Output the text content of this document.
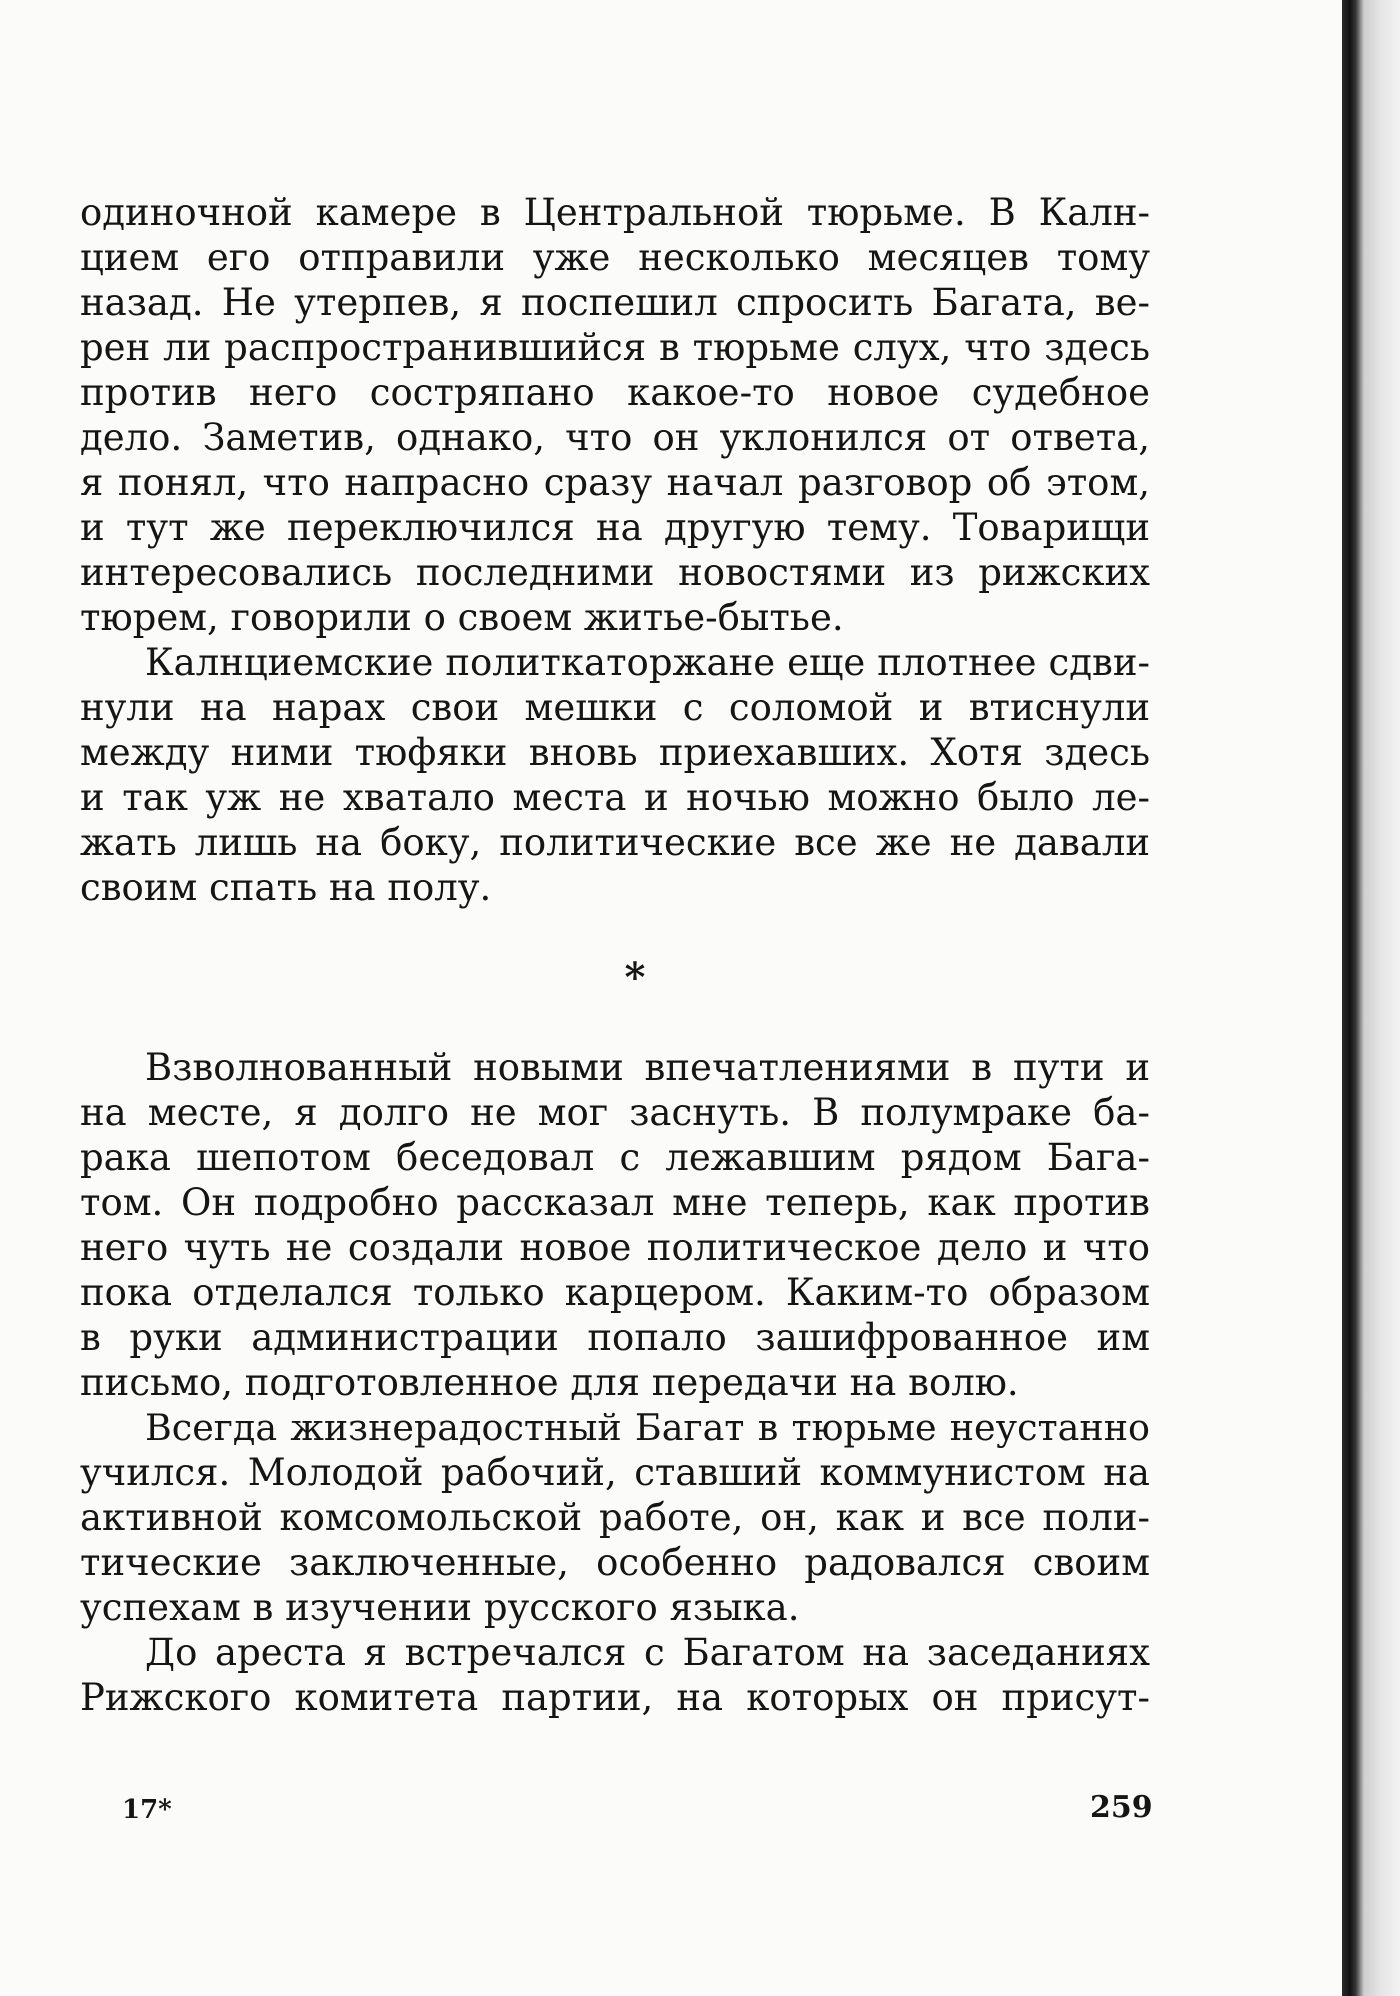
одиночной камере в Центральной тюрьме. В Калн-
цием его отправили уже несколько месяцев тому
назад. Не утерпев, я поспешил спросить Багата, ве-
рен ли распространившийся в тюрьме слух, что здесь
против него состряпано какое-то новое судебное
дело. Заметив, однако, что он уклонился от ответа,
я понял, что напрасно сразу начал разговор об этом,
и тут же переключился на другую тему. Товарищи
интересовались последними новостями из рижских
тюрем, говорили о своем житье-бытье.
Калнциемские политкаторжане еще плотнее сдви-
нули на нарах свои мешки с соломой и втиснули
между ними тюфяки вновь приехавших. Хотя здесь
и так уж не хватало места и ночью можно было ле-
жать лишь на боку, политические все же не давали
своим спать на полу.
*
Взволнованный новыми впечатлениями в пути и
на месте, я долго не мог заснуть. В полумраке ба-
рака шепотом беседовал с лежавшим рядом Бага-
том. Он подробно рассказал мне теперь, как против
него чуть не создали новое политическое дело и что
пока отделался только карцером. Каким-то образом
в руки администрации попало зашифрованное им
письмо, подготовленное для передачи на волю.
Всегда жизнерадостный Багат в тюрьме неустанно
учился. Молодой рабочий, ставший коммунистом на
активной комсомольской работе, он, как и все поли-
тические заключенные, особенно радовался своим
успехам в изучении русского языка.
До ареста я встречался с Багатом на заседаниях
Рижского комитета партии, на которых он присут-
17*	259
